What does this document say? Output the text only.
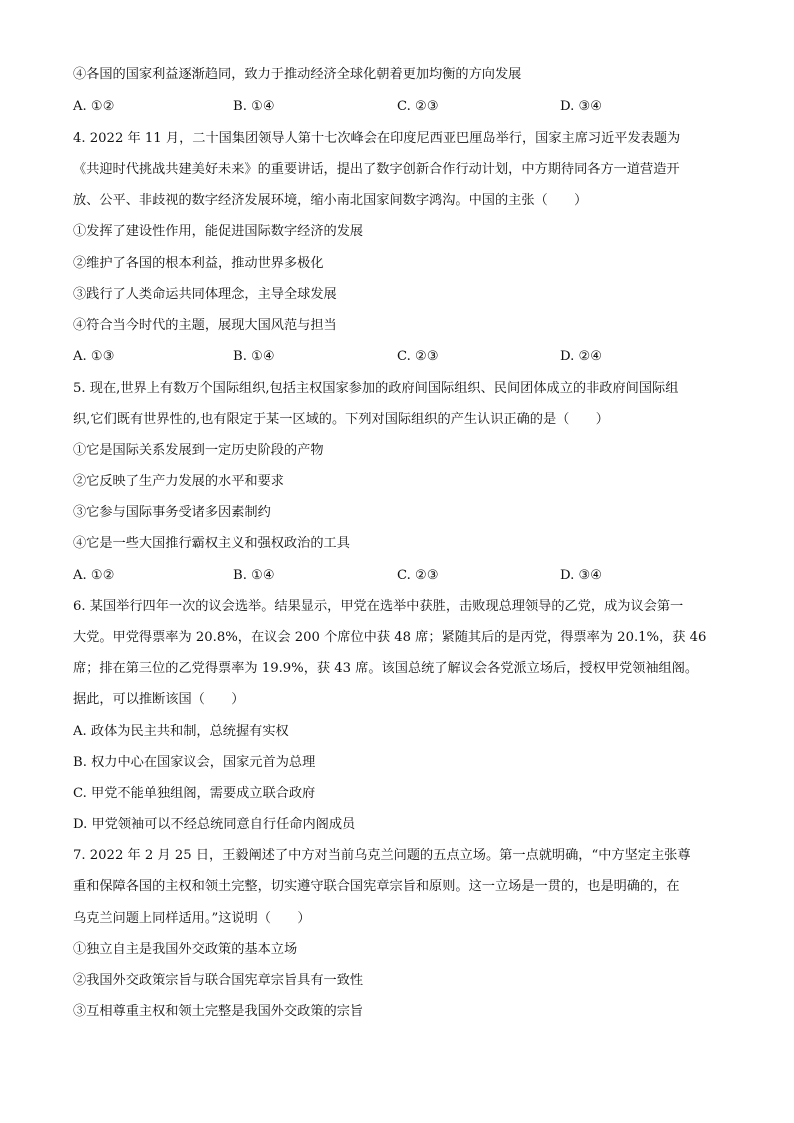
④各国的国家利益逐渐趋同，致力于推动经济全球化朝着更加均衡的方向发展
A. ①②	B. ①④	C. ②③	D. ③④
4. 2022 年 11 月，二十国集团领导人第十七次峰会在印度尼西亚巴厘岛举行，国家主席习近平发表题为
《共迎时代挑战共建美好未来》的重要讲话，提出了数字创新合作行动计划，中方期待同各方一道营造开
放、公平、非歧视的数字经济发展环境，缩小南北国家间数字鸿沟。中国的主张（　　）
①发挥了建设性作用，能促进国际数字经济的发展
②维护了各国的根本利益，推动世界多极化
③践行了人类命运共同体理念，主导全球发展
④符合当今时代的主题，展现大国风范与担当
A. ①③	B. ①④	C. ②③	D. ②④
5. 现在,世界上有数万个国际组织,包括主权国家参加的政府间国际组织、民间团体成立的非政府间国际组
织,它们既有世界性的,也有限定于某一区域的。下列对国际组织的产生认识正确的是（　　）
①它是国际关系发展到一定历史阶段的产物
②它反映了生产力发展的水平和要求
③它参与国际事务受诸多因素制约
④它是一些大国推行霸权主义和强权政治的工具
A. ①②	B. ①④	C. ②③	D. ③④
6. 某国举行四年一次的议会选举。结果显示，甲党在选举中获胜，击败现总理领导的乙党，成为议会第一
大党。甲党得票率为 20.8%，在议会 200 个席位中获 48 席；紧随其后的是丙党，得票率为 20.1%，获 46
席；排在第三位的乙党得票率为 19.9%，获 43 席。该国总统了解议会各党派立场后，授权甲党领袖组阁。
据此，可以推断该国（　　）
A. 政体为民主共和制，总统握有实权
B. 权力中心在国家议会，国家元首为总理
C. 甲党不能单独组阁，需要成立联合政府
D. 甲党领袖可以不经总统同意自行任命内阁成员
7. 2022 年 2 月 25 日，王毅阐述了中方对当前乌克兰问题的五点立场。第一点就明确，“中方坚定主张尊
重和保障各国的主权和领土完整，切实遵守联合国宪章宗旨和原则。这一立场是一贯的，也是明确的，在
乌克兰问题上同样适用。”这说明（　　）
①独立自主是我国外交政策的基本立场
②我国外交政策宗旨与联合国宪章宗旨具有一致性
③互相尊重主权和领土完整是我国外交政策的宗旨
